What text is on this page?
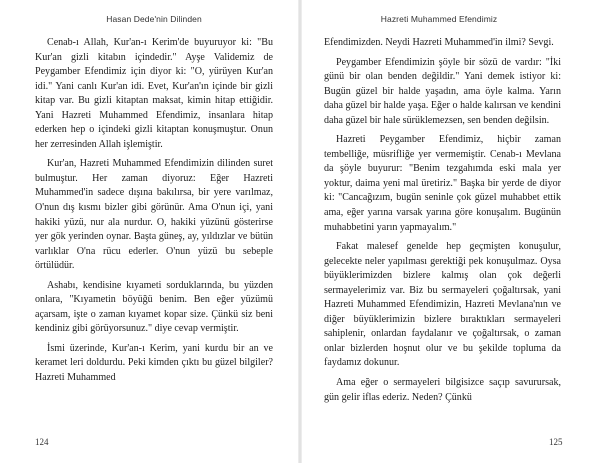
Hasan Dede'nin Dilinden

Cenab-ı Allah, Kur'an-ı Kerim'de buyuruyor ki: "Bu Kur'an gizli kitabın içindedir." Ayşe Validemiz de Peygamber Efendimiz için diyor ki: "O, yürüyen Kur'an idi." Yani canlı Kur'an idi. Evet, Kur'an'ın içinde bir gizli kitap var. Bu gizli kitaptan maksat, kimin hitap ettiğidir. Yani Hazreti Muhammed Efendimiz, insanlara hitap ederken hep o içindeki gizli kitaptan konuşmuştur. Onun her zerresinden Allah işlemiştir.

Kur'an, Hazreti Muhammed Efendimizin dilinden suret bulmuştur. Her zaman diyoruz: Eğer Hazreti Muhammed'in sadece dışına bakılırsa, bir yere varılmaz, O'nun dış kısmı bizler gibi görünür. Ama O'nun içi, yani hakiki yüzü, nur ala nurdur. O, hakiki yüzünü gösterirse yer gök yerinden oynar. Başta güneş, ay, yıldızlar ve bütün varlıklar O'na rücu ederler. O'nun yüzü bu sebeple örtülüdür.

Ashabı, kendisine kıyameti sorduklarında, bu yüzden onlara, "Kıyametin böyüğü benim. Ben eğer yüzümü açarsam, işte o zaman kıyamet kopar size. Çünkü siz beni kendiniz gibi görüyorsunuz." diye cevap vermiştir.

İsmi üzerinde, Kur'an-ı Kerim, yani kurdu bir an ve keramet leri doldurdu. Peki kimden çıktı bu güzel bilgiler? Hazreti Muhammed

124
Hazreti Muhammed Efendimiz

Efendimizden. Neydi Hazreti Muhammed'in ilmi? Sevgi.

Peygamber Efendimizin şöyle bir sözü de vardır: "İki günü bir olan benden değildir." Yani demek istiyor ki: Bugün güzel bir halde yaşadın, ama öyle kalma. Yarın daha güzel bir halde yaşa. Eğer o halde kalırsan ve kendini daha güzel bir hale sürüklemezsen, sen benden değilsin.

Hazreti Peygamber Efendimiz, hiçbir zaman tembelliğe, müsrifliğe yer vermemiştir. Cenab-ı Mevlana da şöyle buyurur: "Benim tezgahımda eski mala yer yoktur, daima yeni mal üretiriz." Başka bir yerde de diyor ki: "Cancağızım, bugün seninle çok güzel muhabbet ettik ama, eğer yarına varsak yarına göre konuşalım. Bugünün muhabbetini yarın yapmayalım."

Fakat malesef genelde hep geçmişten konuşulur, gelecekte neler yapılması gerektiği pek konuşulmaz. Oysa büyüklerimizden bizlere kalmış olan çok değerli sermayelerimiz var. Biz bu sermayeleri çoğaltırsak, yani Hazreti Muhammed Efendimizin, Hazreti Mevlana'nın ve diğer büyüklerimizin bizlere bıraktıkları sermayeleri sahiplenir, onlardan faydalanır ve çoğaltırsak, o zaman onlar bizlerden hoşnut olur ve bu şekilde topluma da faydamız dokunur.

Ama eğer o sermayeleri bilgisizce saçıp savurursak, gün gelir iflas ederiz. Neden? Çünkü

125
